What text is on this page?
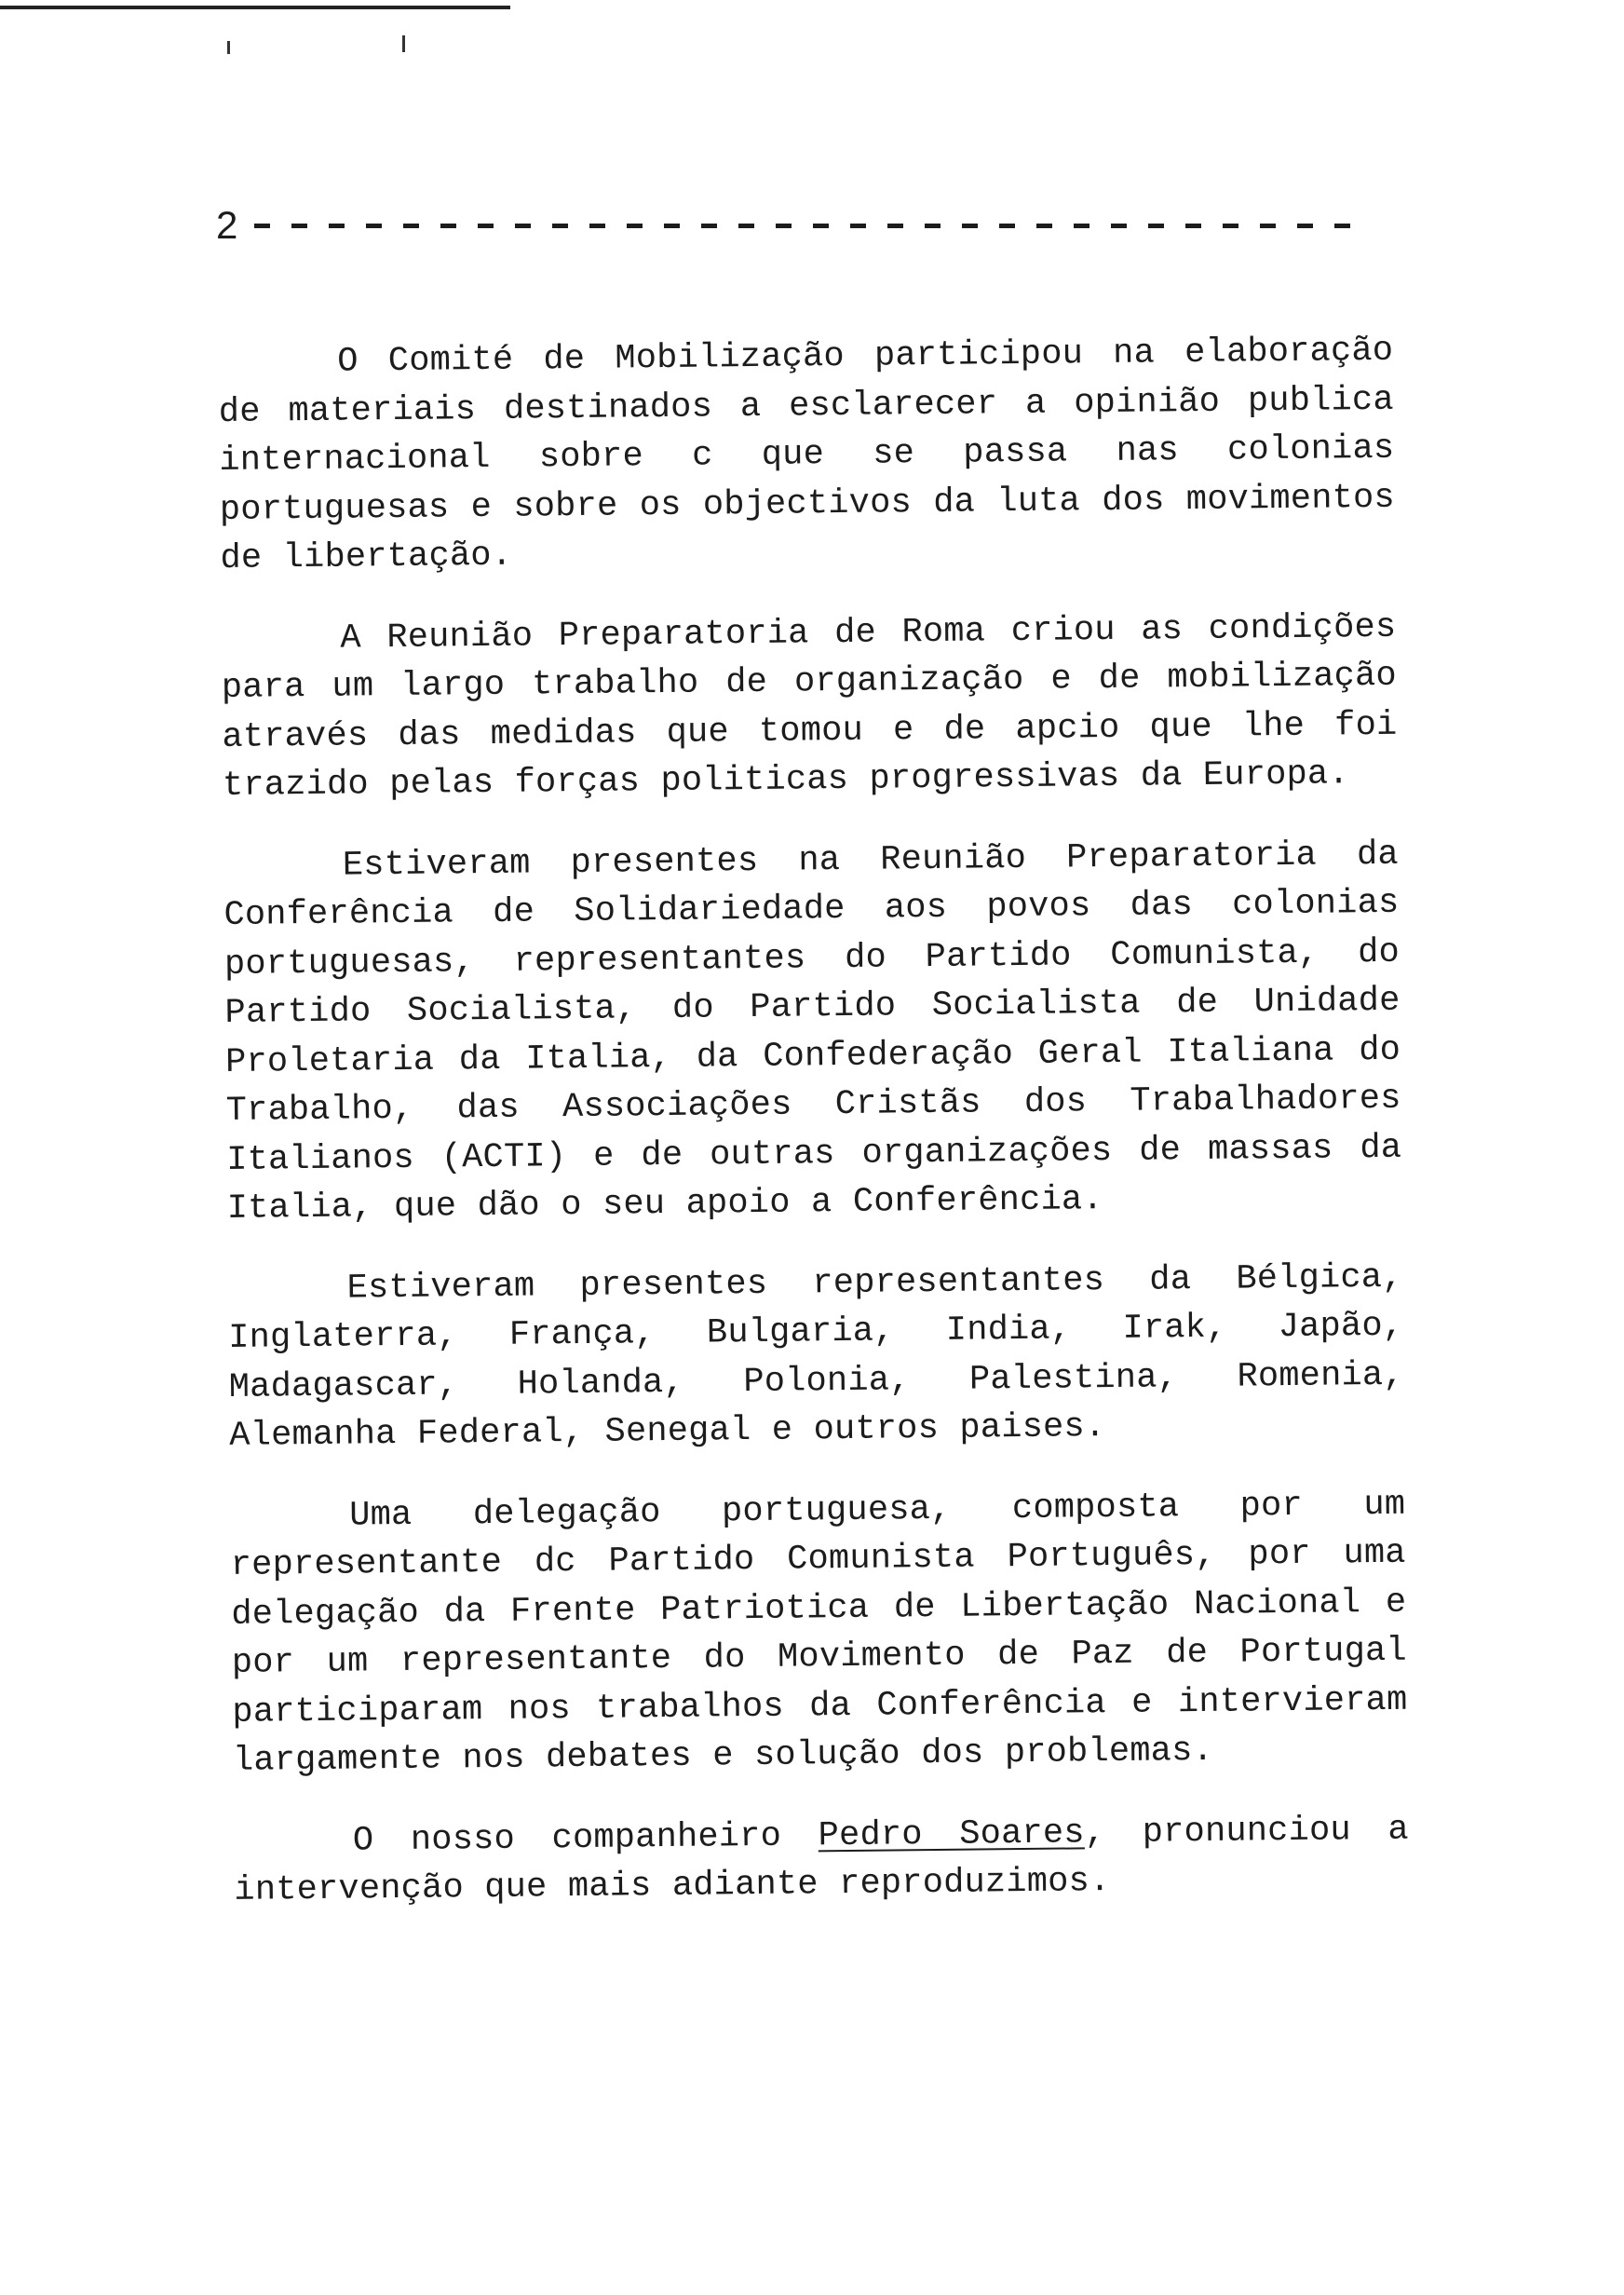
2

O Comité de Mobilização participou na elaboração de materiais destinados a esclarecer a opinião publica internacional sobre c que se passa nas colonias portuguesas e sobre os objectivos da luta dos movimentos de libertação.

A Reunião Preparatoria de Roma criou as condições para um largo trabalho de organização e de mobilização através das medidas que tomou e de apcio que lhe foi trazido pelas forças politicas progressivas da Europa.

Estiveram presentes na Reunião Preparatoria da Conferência de Solidariedade aos povos das colonias portuguesas, representantes do Partido Comunista, do Partido Socialista, do Partido Socialista de Unidade Proletaria da Italia, da Confederação Geral Italiana do Trabalho, das Associações Cristãs dos Trabalhadores Italianos (ACTI) e de outras organizações de massas da Italia, que dão o seu apoio a Conferência.

Estiveram presentes representantes da Bélgica, Inglaterra, França, Bulgaria, India, Irak, Japão, Madagascar, Holanda, Polonia, Palestina, Romenia, Alemanha Federal, Senegal e outros paises.

Uma delegação portuguesa, composta por um representante dc Partido Comunista Português, por uma delegação da Frente Patriotica de Libertação Nacional e por um representante do Movimento de Paz de Portugal participaram nos trabalhos da Conferência e intervieram largamente nos debates e solução dos problemas.

O nosso companheiro Pedro Soares, pronunciou a intervenção que mais adiante reproduzimos.
